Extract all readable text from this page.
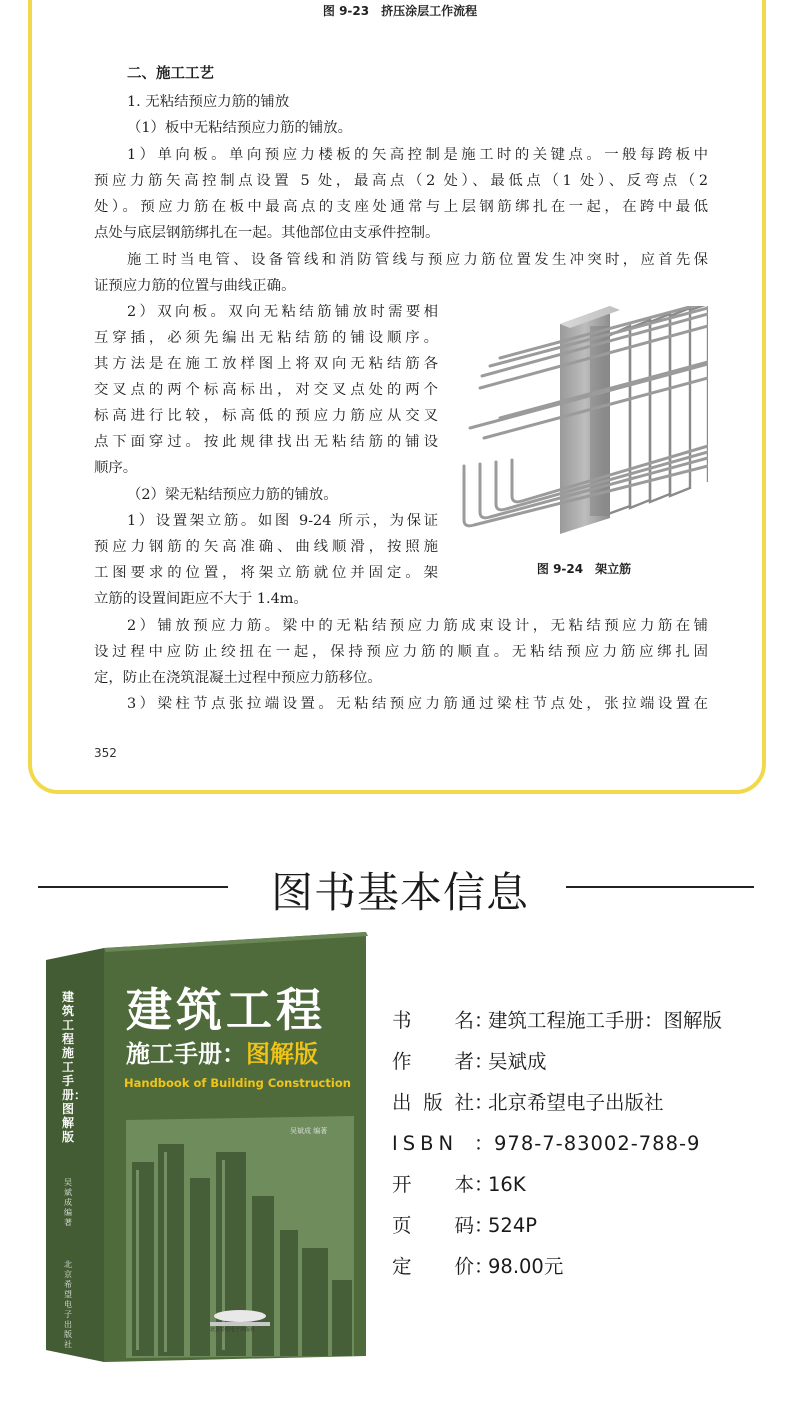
图 9-23　挤压涂层工作流程
二、施工工艺
1. 无粘结预应力筋的铺放
（1）板中无粘结预应力筋的铺放。
1）单向板。单向预应力楼板的矢高控制是施工时的关键点。一般每跨板中
预应力筋矢高控制点设置 5 处，最高点（2 处）、最低点（1 处）、反弯点（2
处）。预应力筋在板中最高点的支座处通常与上层钢筋绑扎在一起，在跨中最低
点处与底层钢筋绑扎在一起。其他部位由支承件控制。
施工时当电管、设备管线和消防管线与预应力筋位置发生冲突时，应首先保
证预应力筋的位置与曲线正确。
2）双向板。双向无粘结筋铺放时需要相
互穿插，必须先编出无粘结筋的铺设顺序。
其方法是在施工放样图上将双向无粘结筋各
交叉点的两个标高标出，对交叉点处的两个
标高进行比较，标高低的预应力筋应从交叉
点下面穿过。按此规律找出无粘结筋的铺设
顺序。
（2）梁无粘结预应力筋的铺放。
1）设置架立筋。如图 9-24 所示，为保证
预应力钢筋的矢高准确、曲线顺滑，按照施
工图要求的位置，将架立筋就位并固定。架
立筋的设置间距应不大于 1.4m。
2）铺放预应力筋。梁中的无粘结预应力筋成束设计，无粘结预应力筋在铺
设过程中应防止绞扭在一起，保持预应力筋的顺直。无粘结预应力筋应绑扎固
定，防止在浇筑混凝土过程中预应力筋移位。
3）梁柱节点张拉端设置。无粘结预应力筋通过梁柱节点处，张拉端设置在
图 9-24　架立筋
352
图书基本信息
建筑工程
施工手册：图解版
Handbook of Building Construction
吴斌成 编著
北京希望电子出版社
建筑工程施工手册：图解版
吴斌成 编著
北京希望电子出版社
书　名 ：
建筑工程施工手册：图解版
作　者 ：
吴斌成
出版社 ：
北京希望电子出版社
ISBN ： 978-7-83002-788-9
开　本 ：
16K
页　码 ：
524P
定　价 ：
98.00元
